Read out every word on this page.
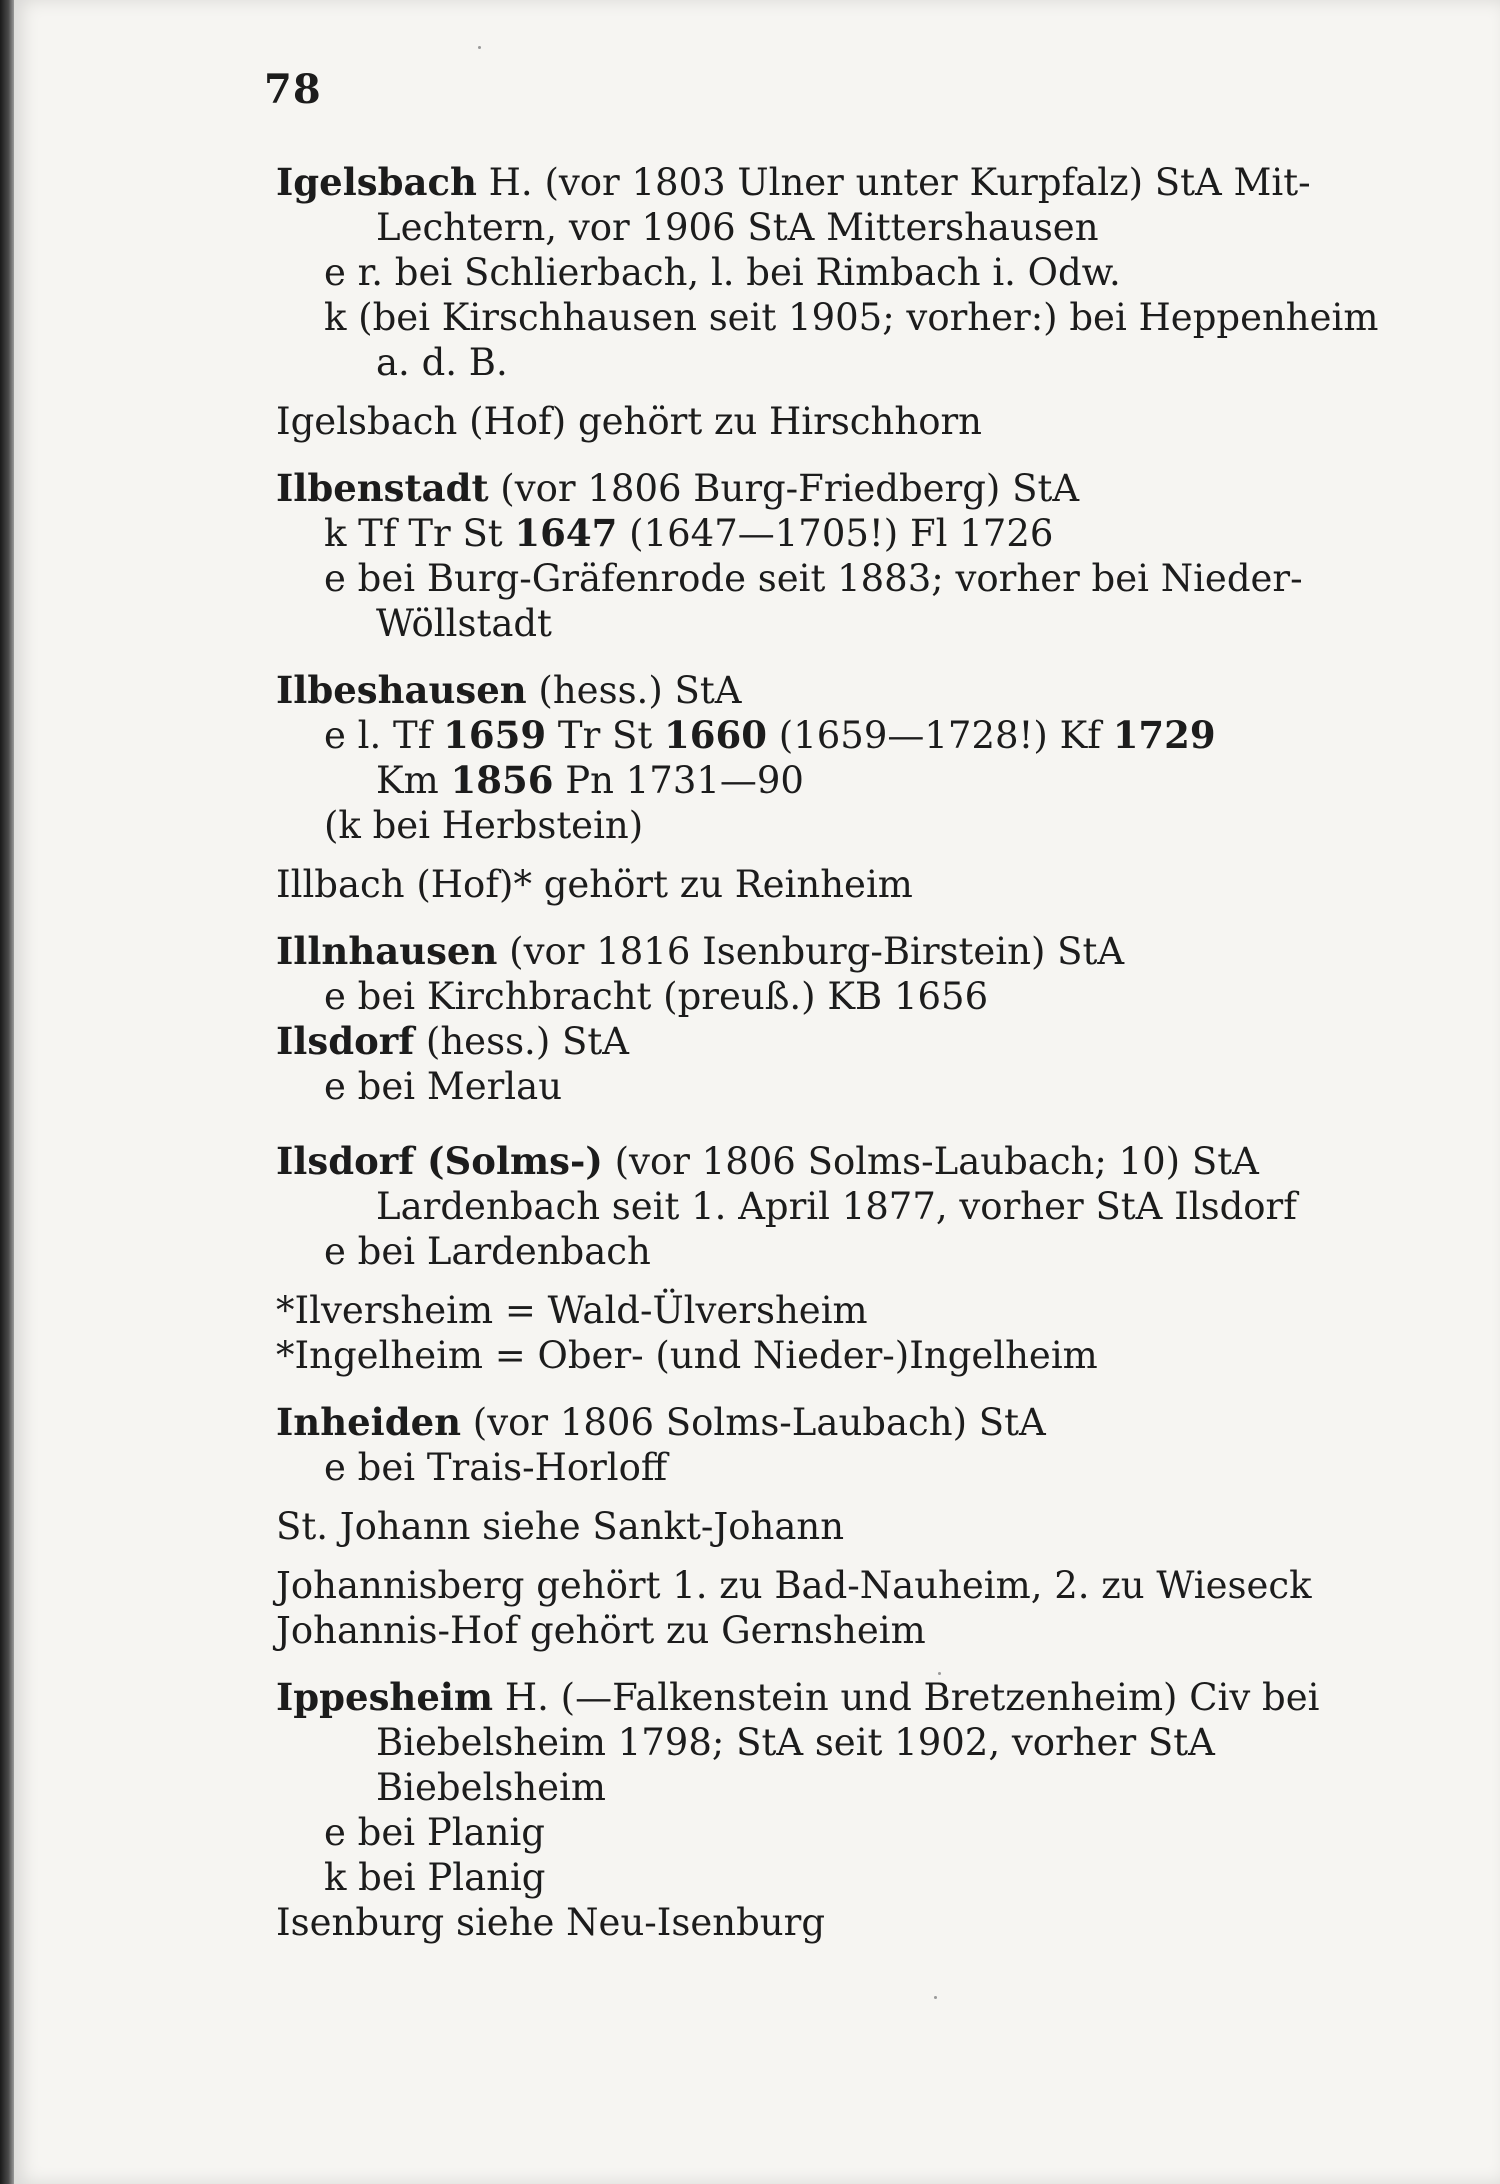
78
Igelsbach H. (vor 1803 Ulner unter Kurpfalz) StA Mit-
Lechtern, vor 1906 StA Mittershausen
e r. bei Schlierbach, l. bei Rimbach i. Odw.
k (bei Kirschhausen seit 1905; vorher:) bei Heppenheim
a. d. B.
Igelsbach (Hof) gehört zu Hirschhorn
Ilbenstadt (vor 1806 Burg-Friedberg) StA
k Tf Tr St 1647 (1647—1705!) Fl 1726
e bei Burg-Gräfenrode seit 1883; vorher bei Nieder-
Wöllstadt
Ilbeshausen (hess.) StA
e l. Tf 1659 Tr St 1660 (1659—1728!) Kf 1729
Km 1856 Pn 1731—90
(k bei Herbstein)
Illbach (Hof)* gehört zu Reinheim
Illnhausen (vor 1816 Isenburg-Birstein) StA
e bei Kirchbracht (preuß.) KB 1656
Ilsdorf (hess.) StA
e bei Merlau
Ilsdorf (Solms-) (vor 1806 Solms-Laubach; 10) StA
Lardenbach seit 1. April 1877, vorher StA Ilsdorf
e bei Lardenbach
*Ilversheim = Wald-Ülversheim
*Ingelheim = Ober- (und Nieder-)Ingelheim
Inheiden (vor 1806 Solms-Laubach) StA
e bei Trais-Horloff
St. Johann siehe Sankt-Johann
Johannisberg gehört 1. zu Bad-Nauheim, 2. zu Wieseck
Johannis-Hof gehört zu Gernsheim
Ippesheim H. (—Falkenstein und Bretzenheim) Civ bei
Biebelsheim 1798; StA seit 1902, vorher StA
Biebelsheim
e bei Planig
k bei Planig
Isenburg siehe Neu-Isenburg
